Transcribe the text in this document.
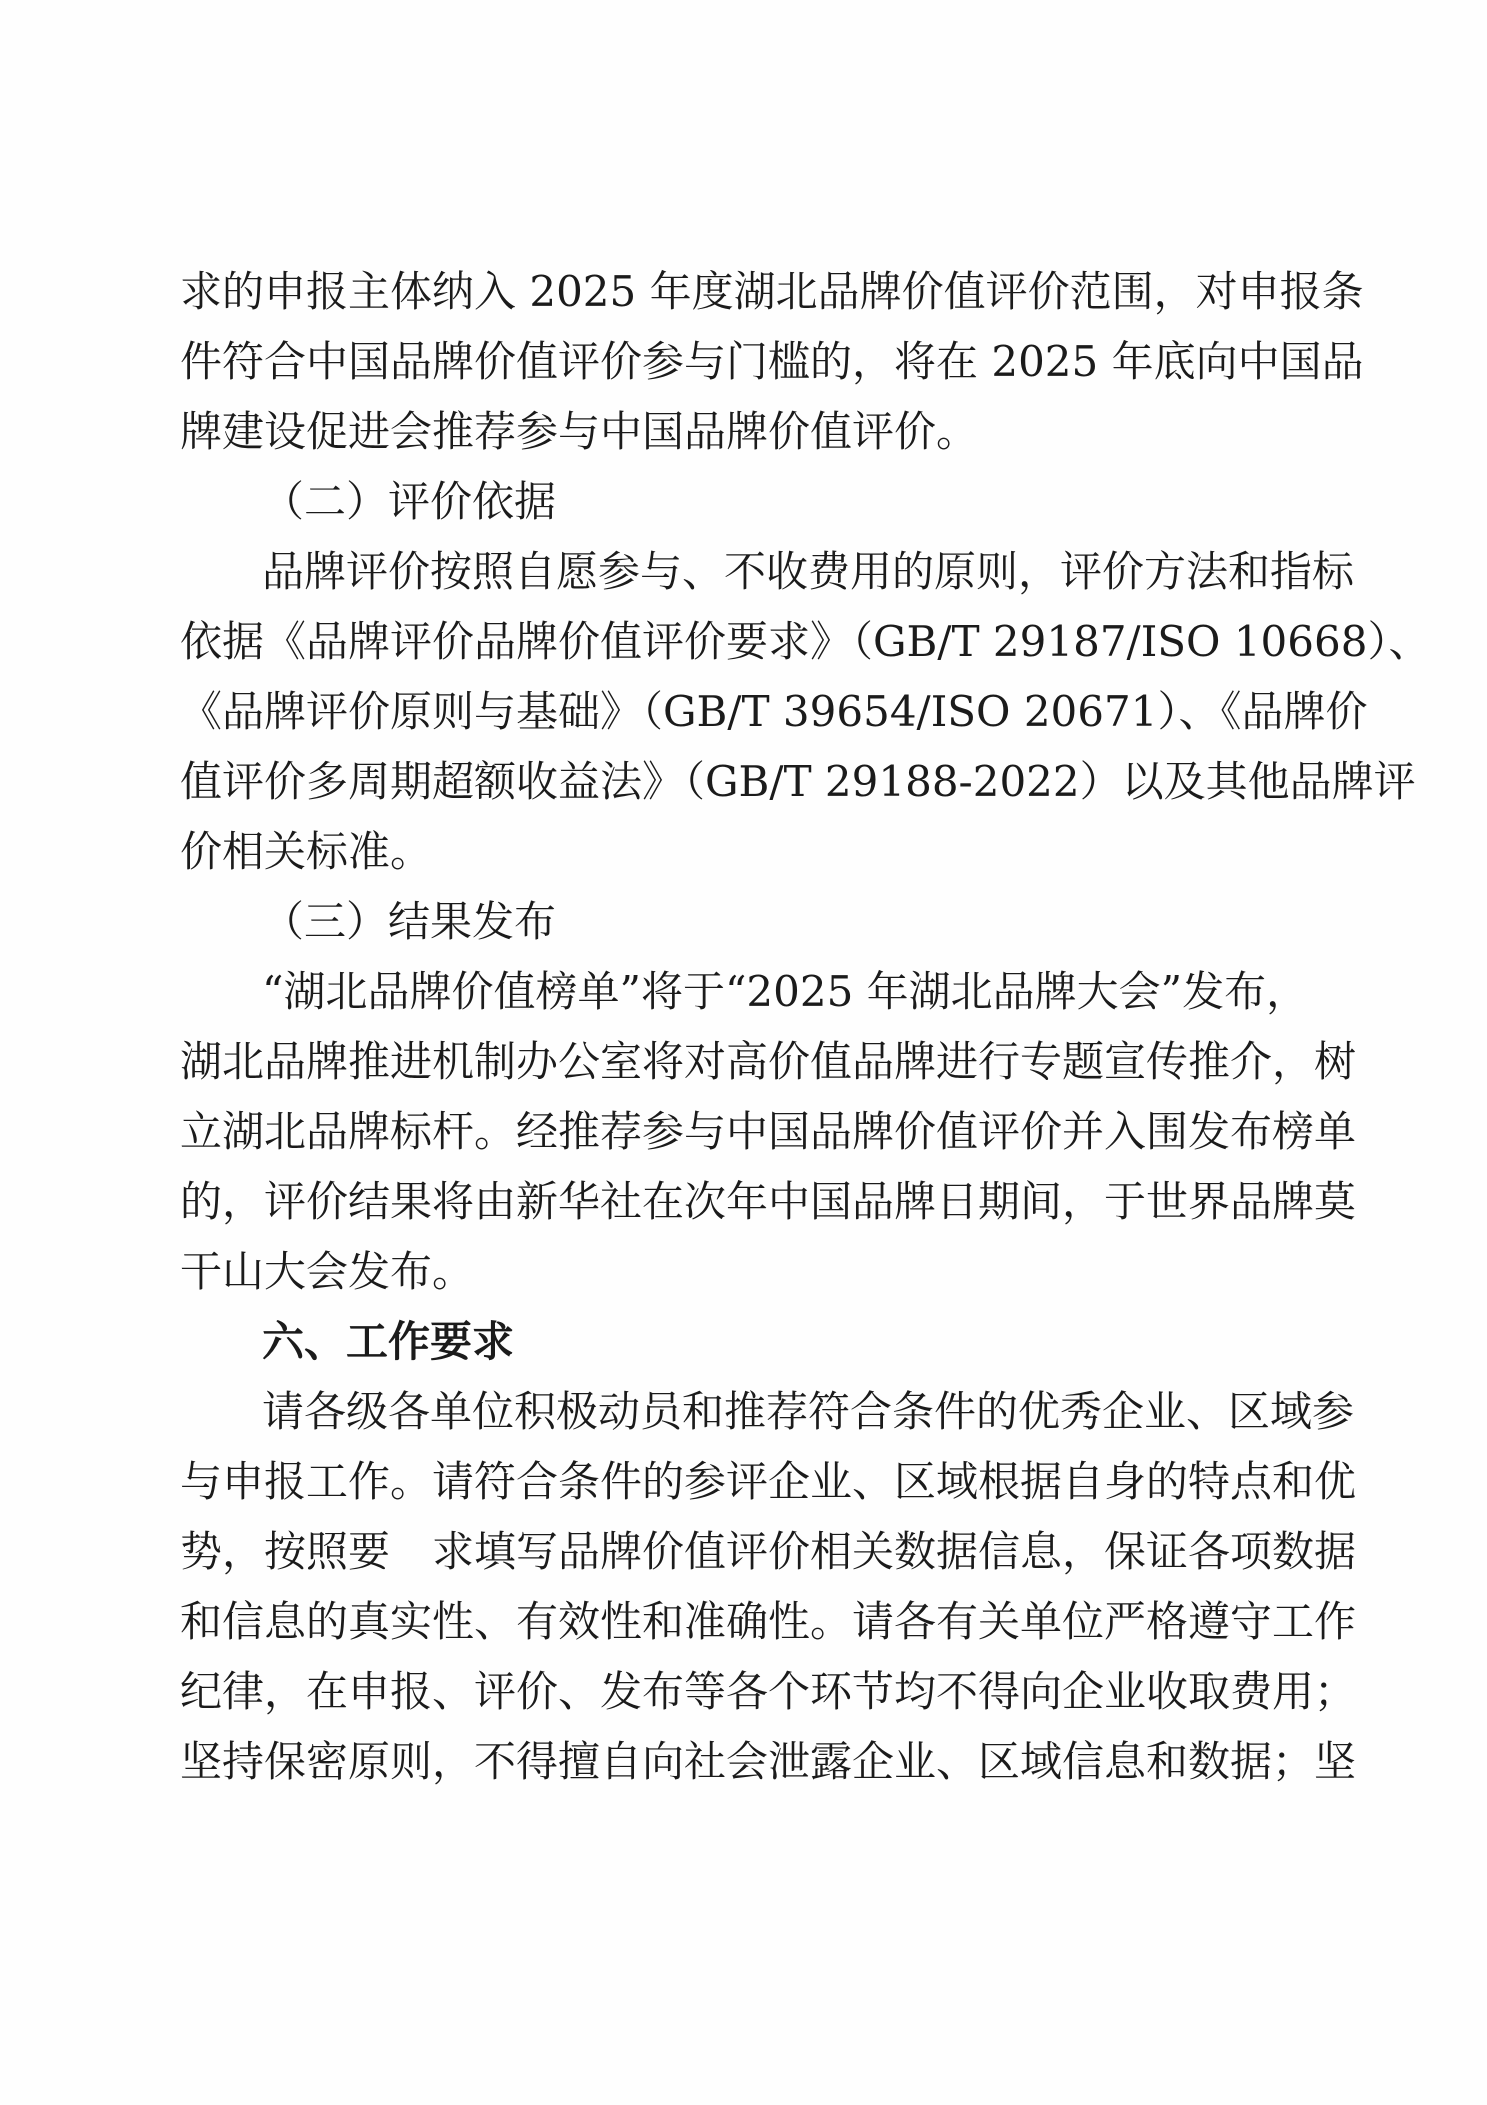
求的申报主体纳入 2025 年度湖北品牌价值评价范围，对申报条
件符合中国品牌价值评价参与门槛的，将在 2025 年底向中国品
牌建设促进会推荐参与中国品牌价值评价。
（二）评价依据
品牌评价按照自愿参与、不收费用的原则，评价方法和指标
依据《品牌评价品牌价值评价要求》（GB/T 29187/ISO 10668）、
《品牌评价原则与基础》（GB/T 39654/ISO 20671）、《品牌价
值评价多周期超额收益法》（GB/T 29188-2022）以及其他品牌评
价相关标准。
（三）结果发布
“湖北品牌价值榜单”将于“2025 年湖北品牌大会”发布，
湖北品牌推进机制办公室将对高价值品牌进行专题宣传推介，树
立湖北品牌标杆。经推荐参与中国品牌价值评价并入围发布榜单
的，评价结果将由新华社在次年中国品牌日期间，于世界品牌莫
干山大会发布。
六、工作要求
请各级各单位积极动员和推荐符合条件的优秀企业、区域参
与申报工作。请符合条件的参评企业、区域根据自身的特点和优
势，按照要　求填写品牌价值评价相关数据信息，保证各项数据
和信息的真实性、有效性和准确性。请各有关单位严格遵守工作
纪律，在申报、评价、发布等各个环节均不得向企业收取费用；
坚持保密原则，不得擅自向社会泄露企业、区域信息和数据；坚
